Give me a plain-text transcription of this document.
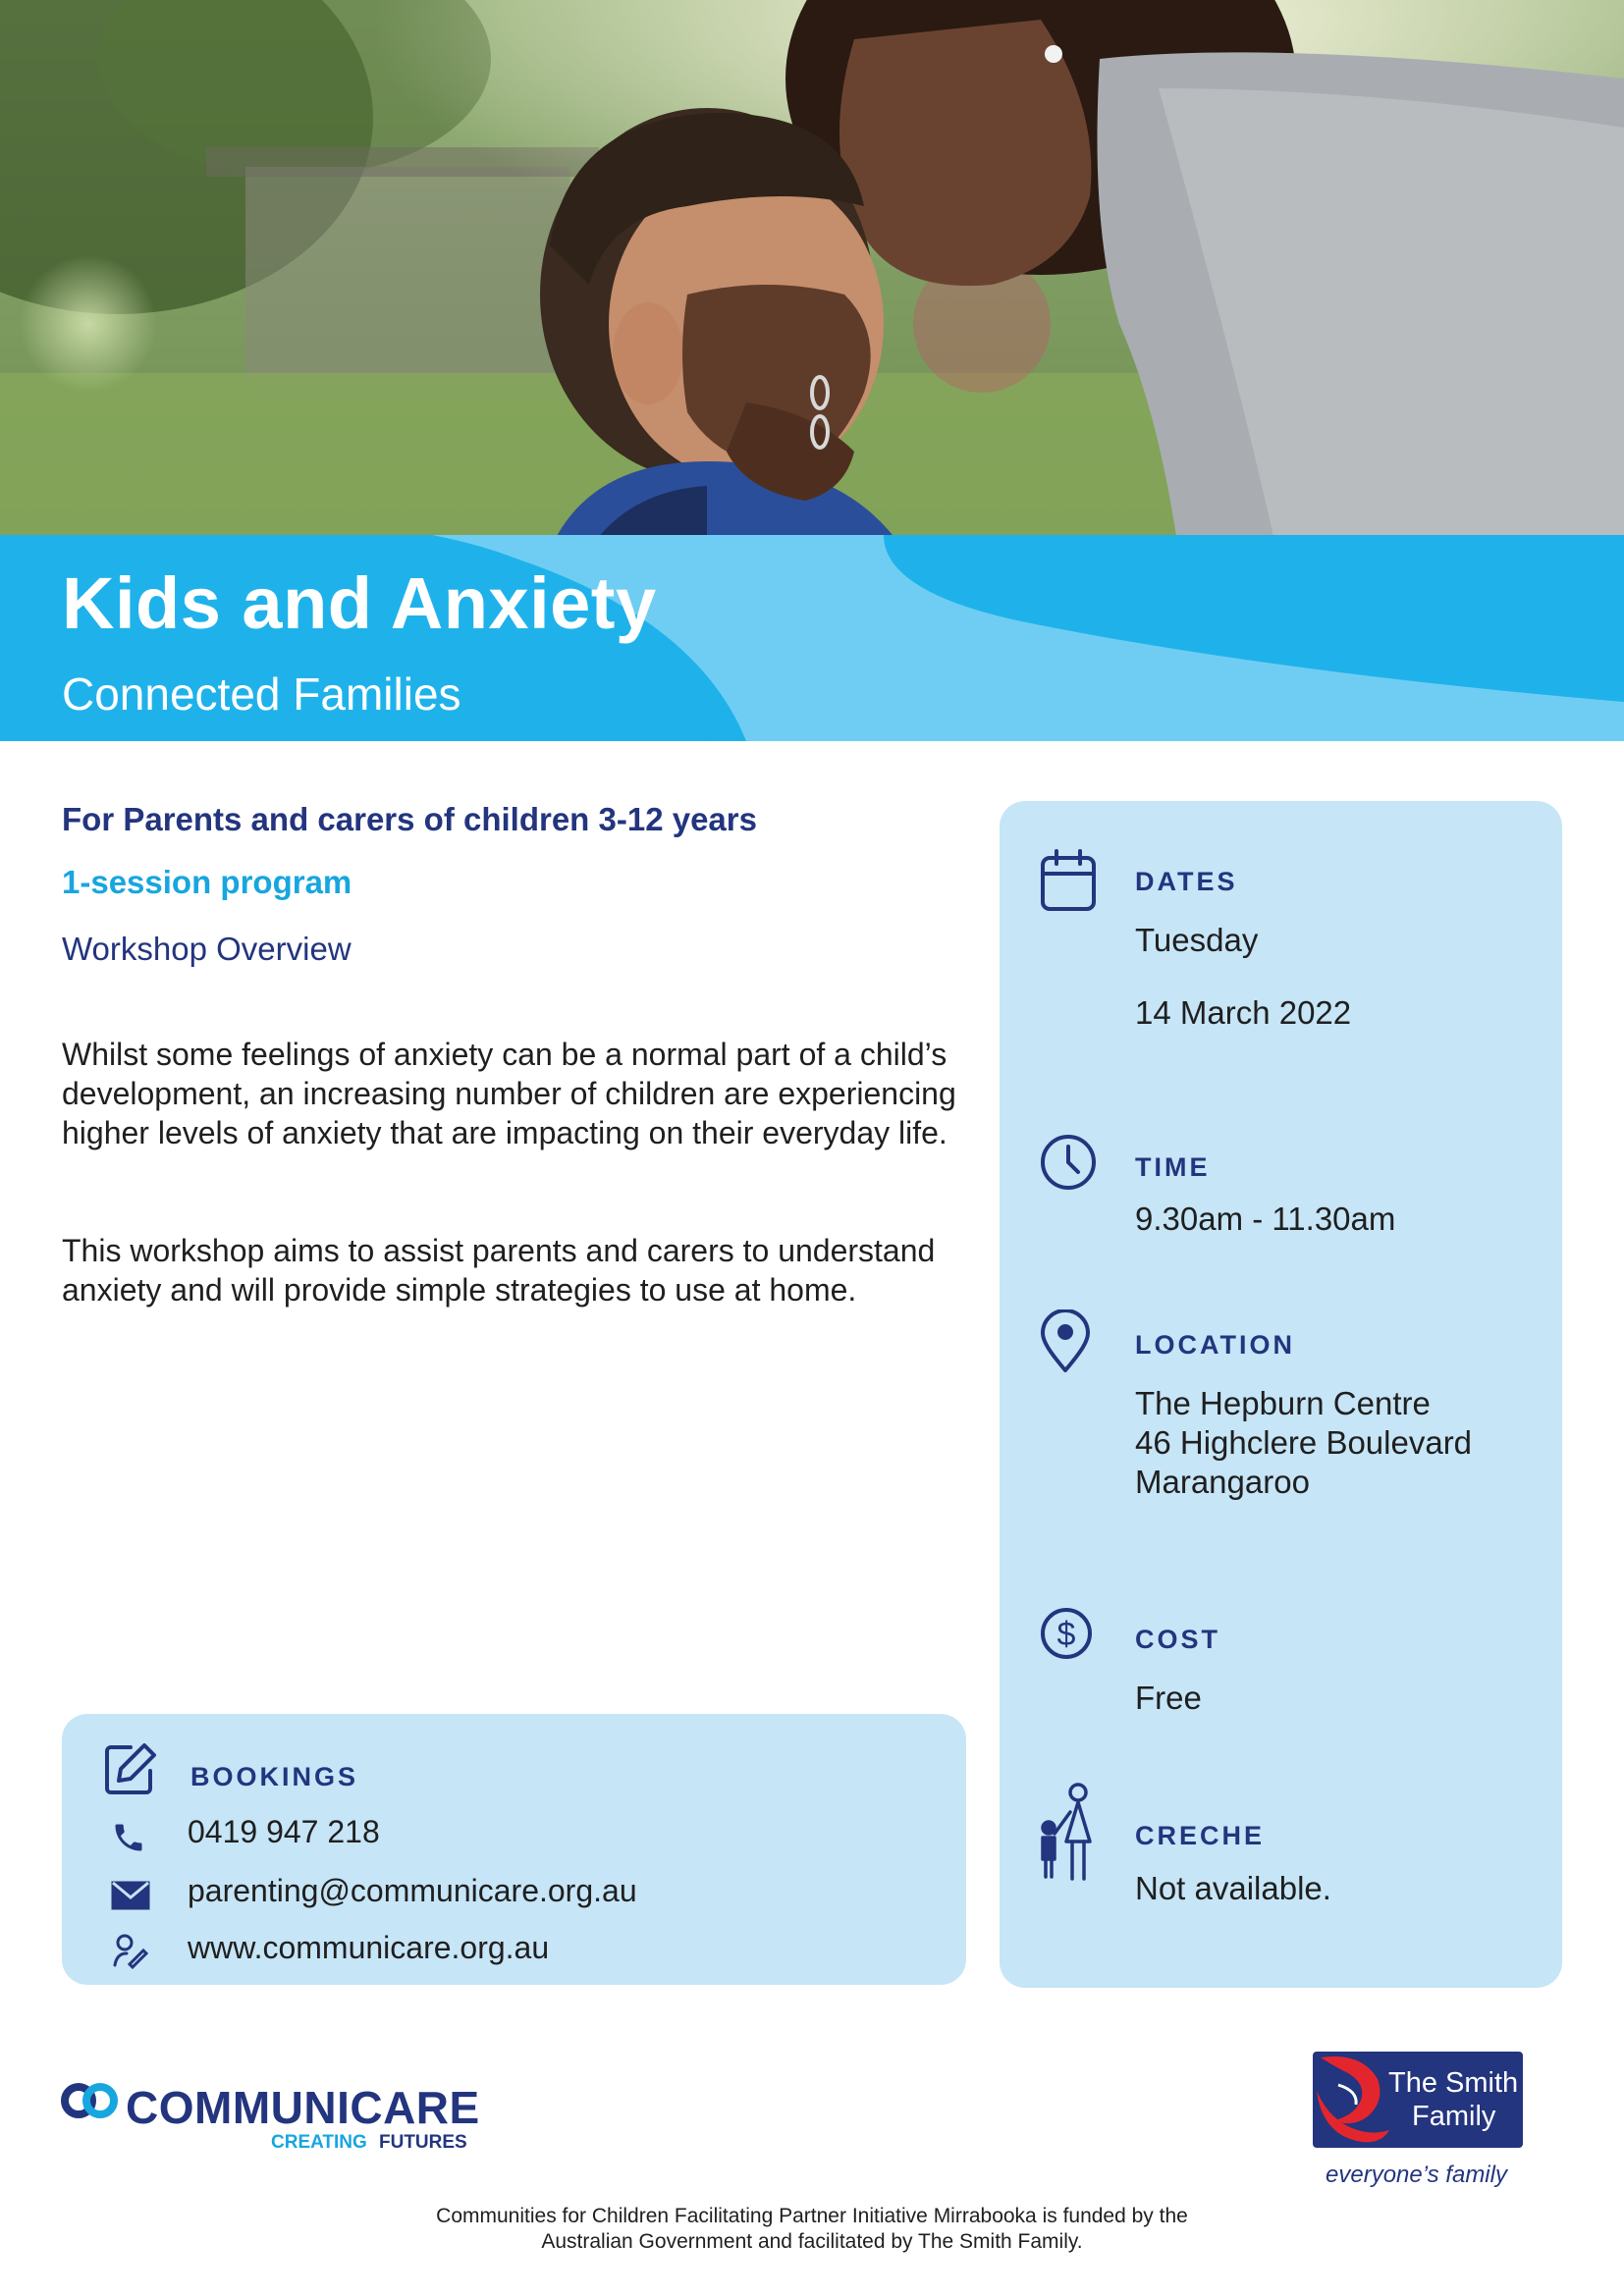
Kids and Anxiety
Connected Families
For Parents and carers of children 3-12 years
1-session program
Workshop Overview
Whilst some feelings of anxiety can be a normal part of a child’s development, an increasing number of children are experiencing higher levels of anxiety that are impacting on their everyday life.
This workshop aims to assist parents and carers to understand anxiety and will provide simple strategies to use at home.
BOOKINGS
0419 947 218
parenting@communicare.org.au
www.communicare.org.au
DATES
Tuesday
14 March 2022
TIME
9.30am - 11.30am
LOCATION
The Hepburn Centre
46 Highclere Boulevard
Marangaroo
$ COST
Free
CRECHE
Not available.
COMMUNICARE
CREATING FUTURES
The Smith
Family
everyone’s family
Communities for Children Facilitating Partner Initiative Mirrabooka is funded by the
Australian Government and facilitated by The Smith Family.
